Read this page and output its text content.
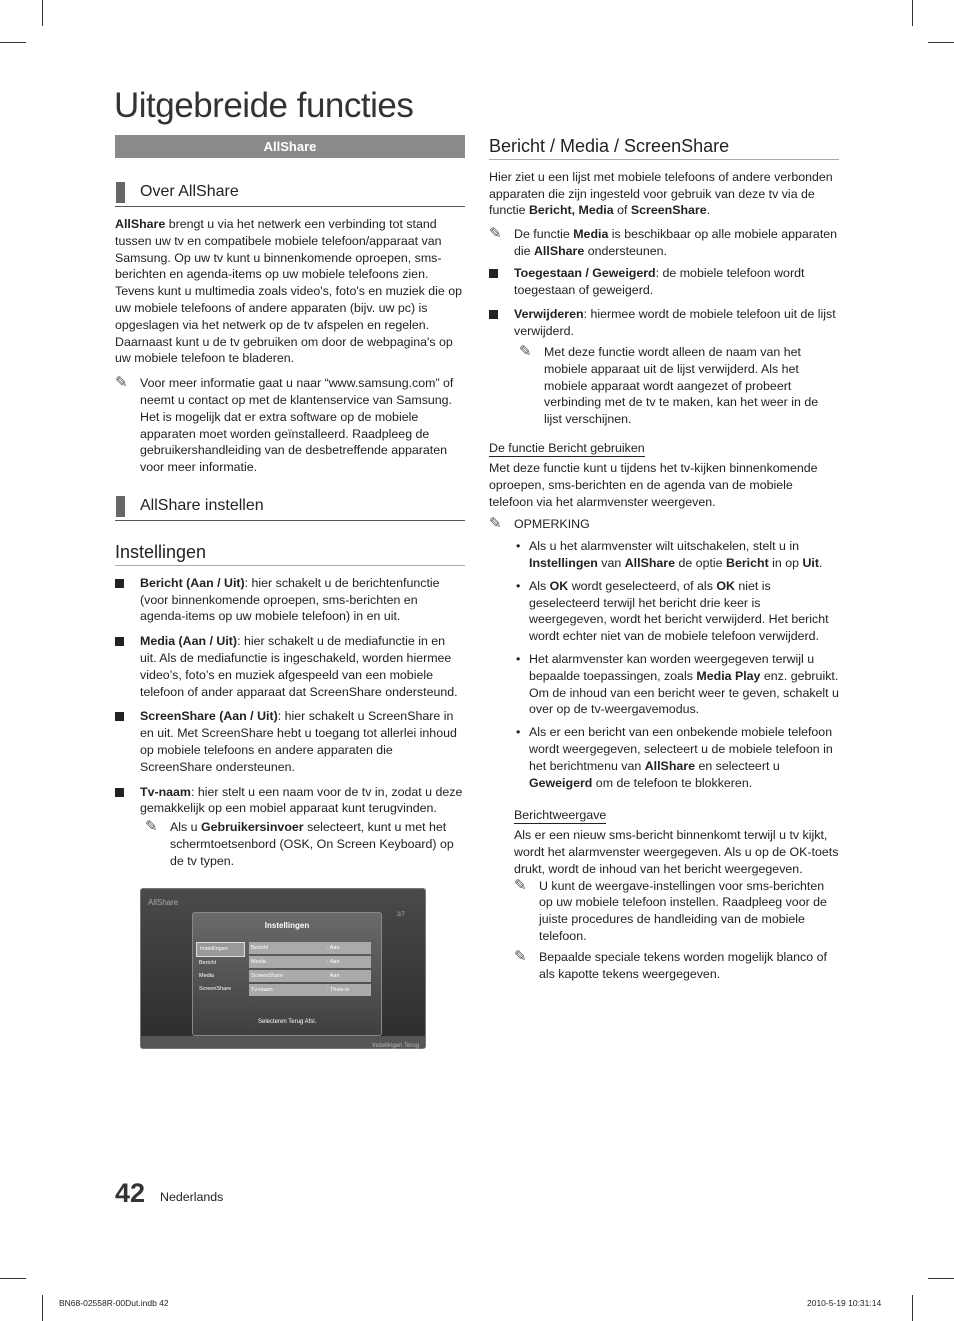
Uitgebreide functies
AllShare
Over AllShare

AllShare brengt u via het netwerk een verbinding tot stand tussen uw tv en compatibele mobiele telefoon/apparaat van Samsung. Op uw tv kunt u binnenkomende oproepen, sms-berichten en agenda-items op uw mobiele telefoons zien. Tevens kunt u multimedia zoals video's, foto's en muziek die op uw mobiele telefoons of andere apparaten (bijv. uw pc) is opgeslagen via het netwerk op de tv afspelen en regelen. Daarnaast kunt u de tv gebruiken om door de webpagina's op uw mobiele telefoon te bladeren.

✎ Voor meer informatie gaat u naar “www.samsung.com” of neemt u contact op met de klantenservice van Samsung. Het is mogelijk dat er extra software op de mobiele apparaten moet worden geïnstalleerd. Raadpleeg de gebruikershandleiding van de desbetreffende apparaten voor meer informatie.
AllShare instellen
Instellingen
Bericht (Aan / Uit): hier schakelt u de berichtenfunctie (voor binnenkomende oproepen, sms-berichten en agenda-items op uw mobiele telefoon) in en uit.
Media (Aan / Uit): hier schakelt u de mediafunctie in en uit. Als de mediafunctie is ingeschakeld, worden hiermee video’s, foto’s en muziek afgespeeld van een mobiele telefoon of ander apparaat dat ScreenShare ondersteund.
ScreenShare (Aan / Uit): hier schakelt u ScreenShare in en uit. Met ScreenShare hebt u toegang tot allerlei inhoud op mobiele telefoons en andere apparaten die ScreenShare ondersteunen.
Tv-naam: hier stelt u een naam voor de tv in, zodat u deze gemakkelijk op een mobiel apparaat kunt terugvinden.
✎ Als u Gebruikersinvoer selecteert, kunt u met het schermtoetsenbord (OSK, On Screen Keyboard) op de tv typen.
AllShare
3/7
Instellingen
Instellingen
Bericht
Media
ScreenShare
Bericht	: Aan
Media	: Aan
ScreenShare	: Aan
Tv-naam	: Thuis-tv
Selecteren Terug Afsl.
Instellingen Terug
Bericht / Media / ScreenShare

Hier ziet u een lijst met mobiele telefoons of andere verbonden apparaten die zijn ingesteld voor gebruik van deze tv via de functie Bericht, Media of ScreenShare.

✎ De functie Media is beschikbaar op alle mobiele apparaten die AllShare ondersteunen.
Toegestaan / Geweigerd: de mobiele telefoon wordt toegestaan of geweigerd.
Verwijderen: hiermee wordt de mobiele telefoon uit de lijst verwijderd.
✎ Met deze functie wordt alleen de naam van het mobiele apparaat uit de lijst verwijderd. Als het mobiele apparaat wordt aangezet of probeert verbinding met de tv te maken, kan het weer in de lijst verschijnen.
De functie Bericht gebruiken

Met deze functie kunt u tijdens het tv-kijken binnenkomende oproepen, sms-berichten en de agenda van de mobiele telefoon via het alarmvenster weergeven.

✎ OPMERKING
• Als u het alarmvenster wilt uitschakelen, stelt u in Instellingen van AllShare de optie Bericht in op Uit.
• Als OK wordt geselecteerd, of als OK niet is geselecteerd terwijl het bericht drie keer is weergegeven, wordt het bericht verwijderd. Het bericht wordt echter niet van de mobiele telefoon verwijderd.
• Het alarmvenster kan worden weergegeven terwijl u bepaalde toepassingen, zoals Media Play enz. gebruikt. Om de inhoud van een bericht weer te geven, schakelt u over op de tv-weergavemodus.
• Als er een bericht van een onbekende mobiele telefoon wordt weergegeven, selecteert u de mobiele telefoon in het berichtmenu van AllShare en selecteert u Geweigerd om de telefoon te blokkeren.
Berichtweergave

Als er een nieuw sms-bericht binnenkomt terwijl u tv kijkt, wordt het alarmvenster weergegeven. Als u op de OK-toets drukt, wordt de inhoud van het bericht weergegeven.

✎ U kunt de weergave-instellingen voor sms-berichten op uw mobiele telefoon instellen. Raadpleeg voor de juiste procedures de handleiding van de mobiele telefoon.
✎ Bepaalde speciale tekens worden mogelijk blanco of als kapotte tekens weergegeven.
42 Nederlands
BN68-02558R-00Dut.indb 42	2010-5-19 10:31:14
